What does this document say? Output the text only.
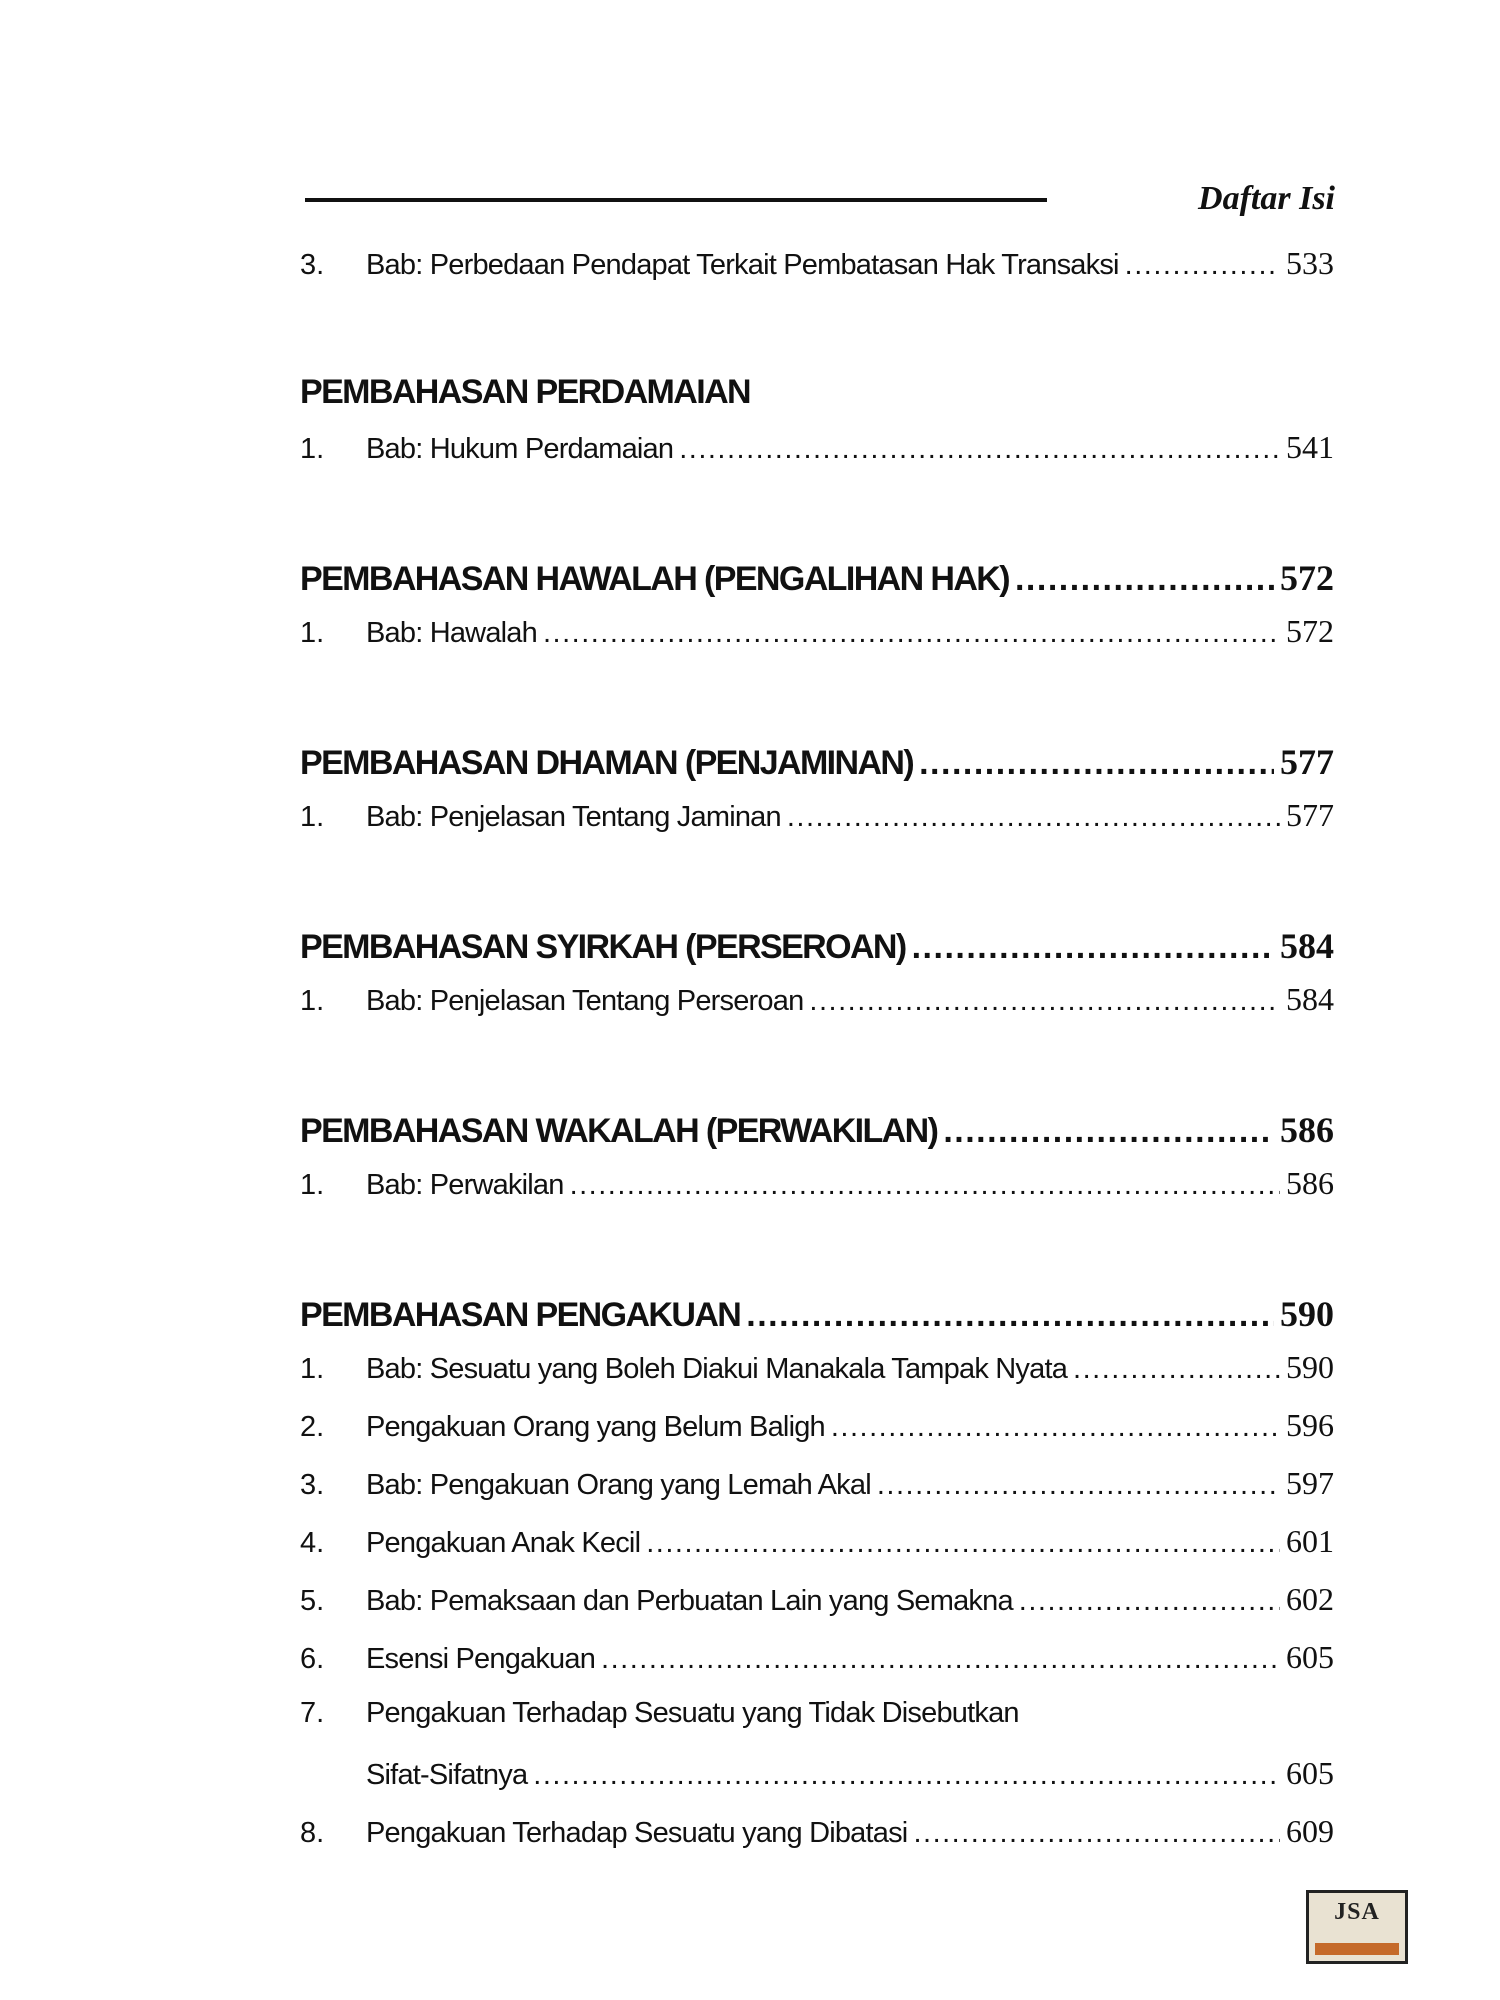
Daftar Isi
3.	Bab: Perbedaan Pendapat Terkait Pembatasan Hak Transaksi .....	533
PEMBAHASAN PERDAMAIAN
1.	Bab: Hukum Perdamaian .....	541
PEMBAHASAN HAWALAH (PENGALIHAN HAK) .....	572
1.	Bab: Hawalah .....	572
PEMBAHASAN DHAMAN (PENJAMINAN) .....	577
1.	Bab: Penjelasan Tentang Jaminan .....	577
PEMBAHASAN SYIRKAH (PERSEROAN) .....	584
1.	Bab: Penjelasan Tentang Perseroan .....	584
PEMBAHASAN WAKALAH (PERWAKILAN) .....	586
1.	Bab: Perwakilan .....	586
PEMBAHASAN PENGAKUAN .....	590
1.	Bab: Sesuatu yang Boleh Diakui Manakala Tampak Nyata .....	590
2.	Pengakuan Orang yang Belum Baligh .....	596
3.	Bab: Pengakuan Orang yang Lemah Akal .....	597
4.	Pengakuan Anak Kecil .....	601
5.	Bab: Pemaksaan dan Perbuatan Lain yang Semakna .....	602
6.	Esensi Pengakuan .....	605
7.	Pengakuan Terhadap Sesuatu yang Tidak Disebutkan
Sifat-Sifatnya .....	605
8.	Pengakuan Terhadap Sesuatu yang Dibatasi .....	609
JSA
